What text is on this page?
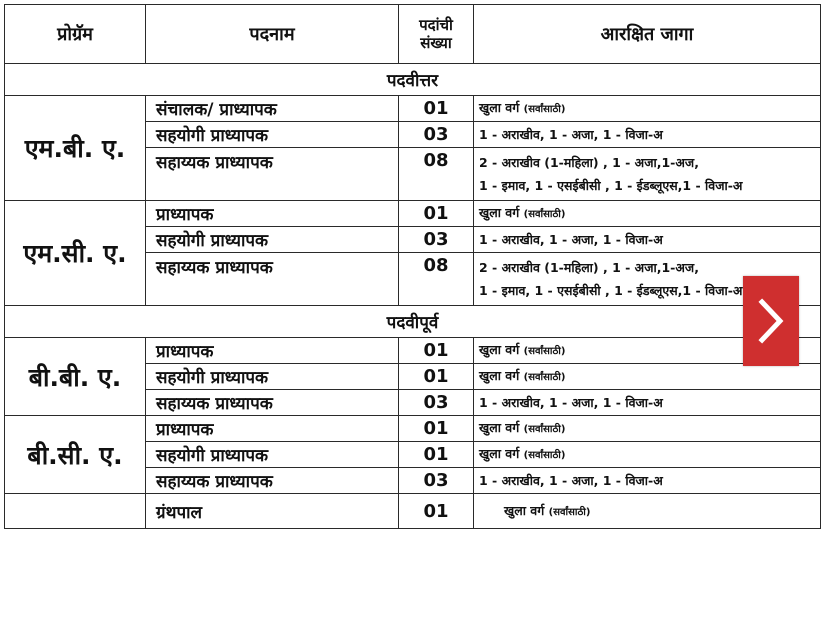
प्रोग्रॅम	पदनाम	पदांची संख्या	आरक्षित जागा
पदवीत्तर			
एम.बी. ए.	संचालक/ प्राध्यापक	01	खुला वर्ग (सर्वांसाठी)
	सहयोगी प्राध्यापक	03	1 - अराखीव, 1 - अजा, 1 - विजा-अ
	सहाय्यक प्राध्यापक	08	2 - अराखीव (1-महिला) , 1 - अजा,1-अज,
1 - इमाव, 1 - एसईबीसी , 1 - ईडब्लूएस,1 - विजा-अ

एम.सी. ए.	प्राध्यापक	01	खुला वर्ग (सर्वांसाठी)
	सहयोगी प्राध्यापक	03	1 - अराखीव, 1 - अजा, 1 - विजा-अ
	सहाय्यक प्राध्यापक	08	2 - अराखीव (1-महिला) , 1 - अजा,1-अज,
1 - इमाव, 1 - एसईबीसी , 1 - ईडब्लूएस,1 - विजा-अ

पदवीपूर्व			
बी.बी. ए.	प्राध्यापक	01	खुला वर्ग (सर्वांसाठी)
	सहयोगी प्राध्यापक	01	खुला वर्ग (सर्वांसाठी)
	सहाय्यक प्राध्यापक	03	1 - अराखीव, 1 - अजा, 1 - विजा-अ
बी.सी. ए.	प्राध्यापक	01	खुला वर्ग (सर्वांसाठी)
	सहयोगी प्राध्यापक	01	खुला वर्ग (सर्वांसाठी)
	सहाय्यक प्राध्यापक	03	1 - अराखीव, 1 - अजा, 1 - विजा-अ
	ग्रंथपाल	01	खुला वर्ग (सर्वांसाठी)
